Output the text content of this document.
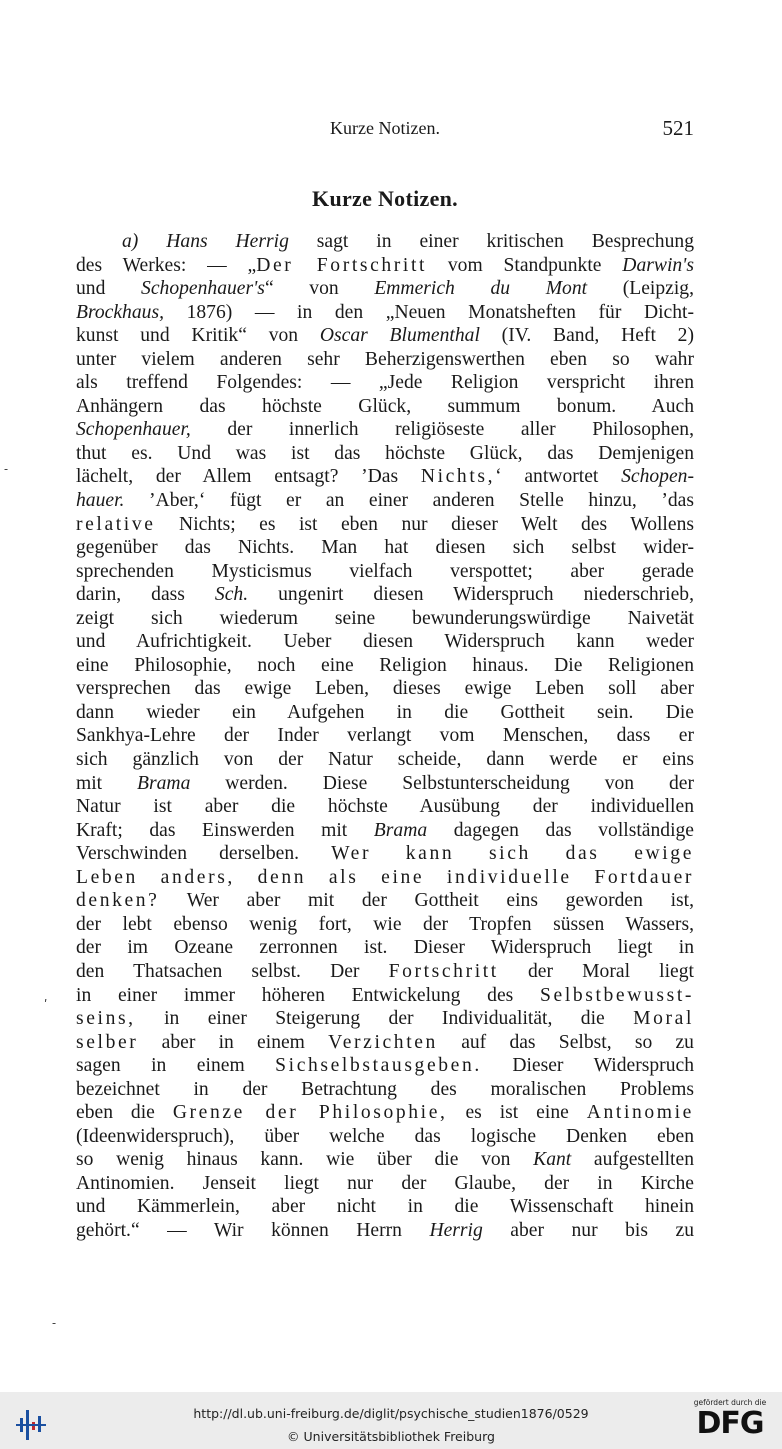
Kurze Notizen.	521
Kurze Notizen.
a) Hans Herrig sagt in einer kritischen Besprechung
des Werkes: — „Der Fortschritt vom Standpunkte Darwin's
und Schopenhauer's“ von Emmerich du Mont (Leipzig,
Brockhaus, 1876) — in den „Neuen Monatsheften für Dicht-
kunst und Kritik“ von Oscar Blumenthal (IV. Band, Heft 2)
unter vielem anderen sehr Beherzigenswerthen eben so wahr
als treffend Folgendes: — „Jede Religion verspricht ihren
Anhängern das höchste Glück, summum bonum. Auch
Schopenhauer, der innerlich religiöseste aller Philosophen,
thut es. Und was ist das höchste Glück, das Demjenigen
lächelt, der Allem entsagt? ’Das Nichts,‘ antwortet Schopen-
hauer. ’Aber,‘ fügt er an einer anderen Stelle hinzu, ’das
relative Nichts; es ist eben nur dieser Welt des Wollens
gegenüber das Nichts. Man hat diesen sich selbst wider-
sprechenden Mysticismus vielfach verspottet; aber gerade
darin, dass Sch. ungenirt diesen Widerspruch niederschrieb,
zeigt sich wiederum seine bewunderungswürdige Naivetät
und Aufrichtigkeit. Ueber diesen Widerspruch kann weder
eine Philosophie, noch eine Religion hinaus. Die Religionen
versprechen das ewige Leben, dieses ewige Leben soll aber
dann wieder ein Aufgehen in die Gottheit sein. Die
Sankhya-Lehre der Inder verlangt vom Menschen, dass er
sich gänzlich von der Natur scheide, dann werde er eins
mit Brama werden. Diese Selbstunterscheidung von der
Natur ist aber die höchste Ausübung der individuellen
Kraft; das Einswerden mit Brama dagegen das vollständige
Verschwinden derselben. Wer kann sich das ewige
Leben anders, denn als eine individuelle Fortdauer
denken? Wer aber mit der Gottheit eins geworden ist,
der lebt ebenso wenig fort, wie der Tropfen süssen Wassers,
der im Ozeane zerronnen ist. Dieser Widerspruch liegt in
den Thatsachen selbst. Der Fortschritt der Moral liegt
in einer immer höheren Entwickelung des Selbstbewusst-
seins, in einer Steigerung der Individualität, die Moral
selber aber in einem Verzichten auf das Selbst, so zu
sagen in einem Sichselbstausgeben. Dieser Widerspruch
bezeichnet in der Betrachtung des moralischen Problems
eben die Grenze der Philosophie, es ist eine Antinomie
(Ideenwiderspruch), über welche das logische Denken eben
so wenig hinaus kann. wie über die von Kant aufgestellten
Antinomien. Jenseit liegt nur der Glaube, der in Kirche
und Kämmerlein, aber nicht in die Wissenschaft hinein
gehört.“ — Wir können Herrn Herrig aber nur bis zu
-
ʹ
-
http://dl.ub.uni-freiburg.de/diglit/psychische_studien1876/0529
© Universitätsbibliothek Freiburg
gefördert durch die
DFG
